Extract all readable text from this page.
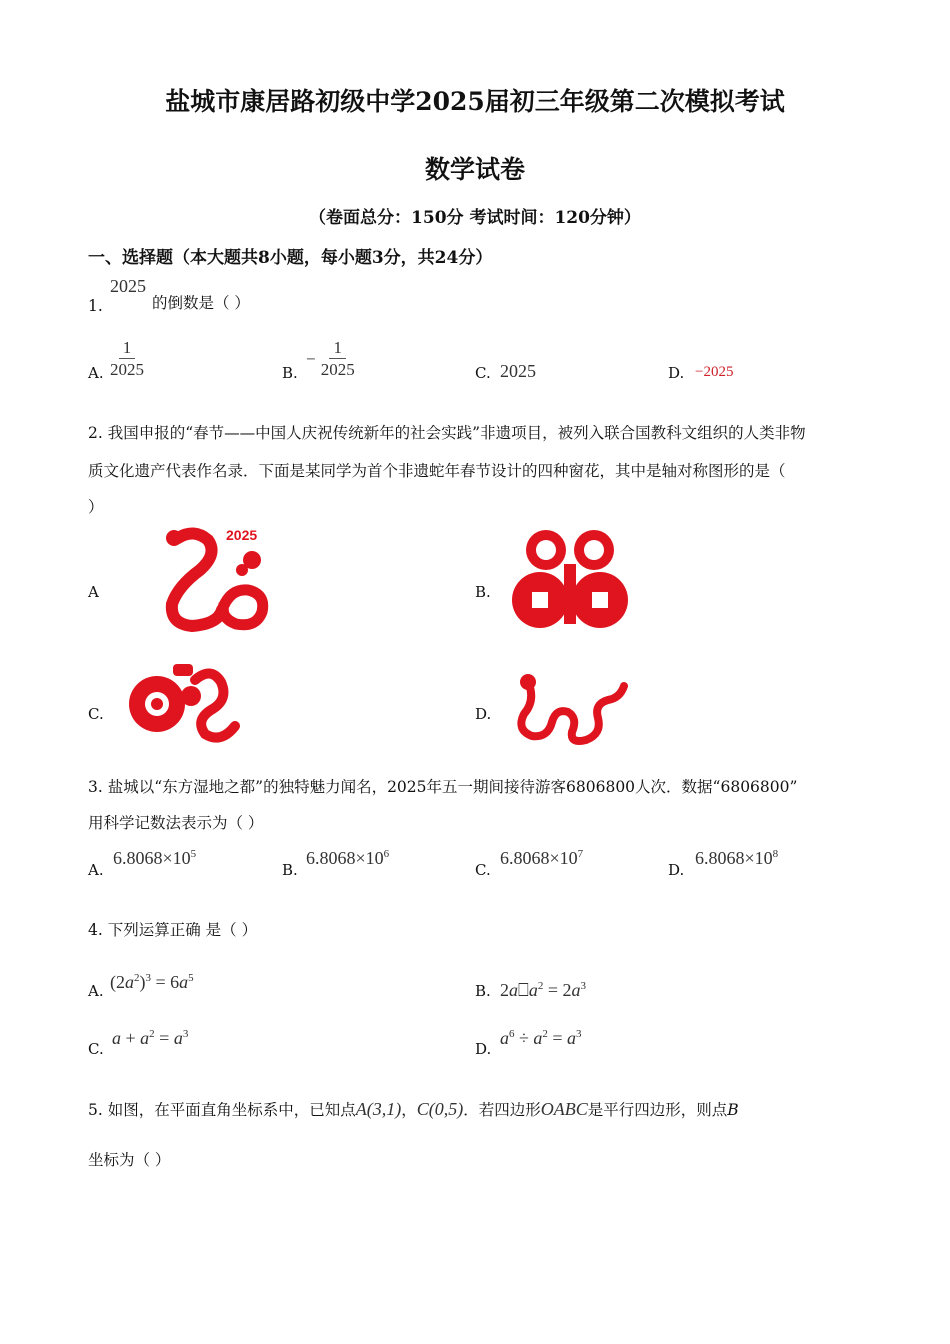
盐城市康居路初级中学2025届初三年级第二次模拟考试
数学试卷
（卷面总分：150分 考试时间：120分钟）
一、选择题（本大题共8小题，每小题3分，共24分）
2025
1.	的倒数是（ ）
A. $\frac{1}{2025}$	B.
− $\frac{1}{2025}$	C. 2025	D. −2025
2. 我国申报的“春节——中国人庆祝传统新年的社会实践”非遗项目，被列入联合国教科文组织的人类非物
质文化遗产代表作名录．下面是某同学为首个非遗蛇年春节设计的四种窗花，其中是轴对称图形的是（
）
A
2025
B.
C.	D.
3. 盐城以“东方湿地之都”的独特魅力闻名，2025年五一期间接待游客6806800人次．数据“6806800”
用科学记数法表示为（ ）
A.
$6.8068\times 10^5$
B.
$6.8068\times 10^6$
C.
$6.8068\times 10^7$
D.
$6.8068\times 10^8$
4. 下列运算正确 是（ ）
A. $(2a^2)^3 = 6a^5$
B. $2a⎕a^2 = 2a^3$
C.
$a + a^2 = a^3$
D.
$a^6 \div a^2 = a^3$
5. 如图，在平面直角坐标系中，已知点A(3,1)，C(0,5)．若四边形OABC是平行四边形，则点B
坐标为（ ）
